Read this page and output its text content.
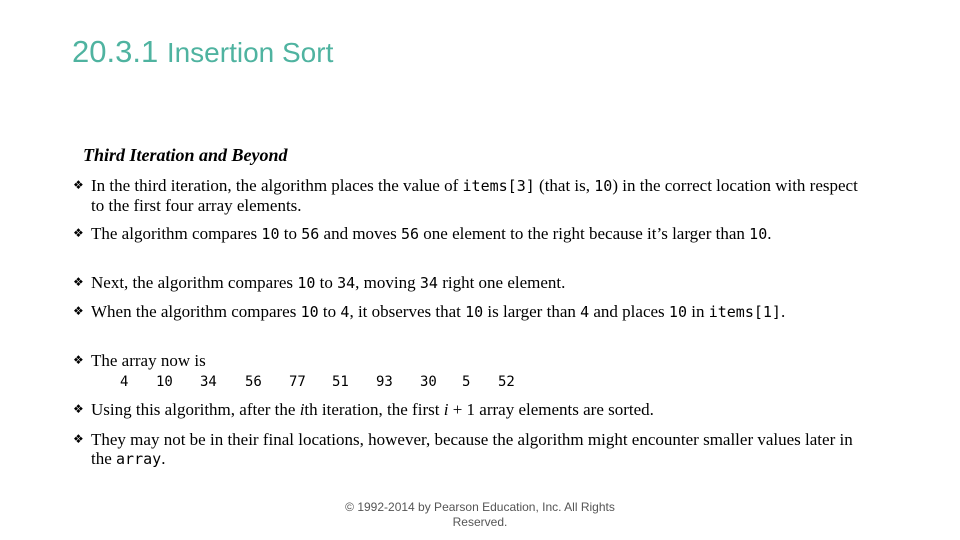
20.3.1 Insertion Sort
Third Iteration and Beyond
❖ In the third iteration, the algorithm places the value of items[3] (that is, 10) in the correct location with respect to the first four array elements.
❖ The algorithm compares 10 to 56 and moves 56 one element to the right because it’s larger than 10.
❖ Next, the algorithm compares 10 to 34, moving 34 right one element.
❖ When the algorithm compares 10 to 4, it observes that 10 is larger than 4 and places 10 in items[1].
❖ The array now is
4 10 34 56 77 51 93 30 5 52
❖ Using this algorithm, after the ith iteration, the first i + 1 array elements are sorted.
❖ They may not be in their final locations, however, because the algorithm might encounter smaller values later in the array.
© 1992-2014 by Pearson Education, Inc. All Rights
Reserved.
